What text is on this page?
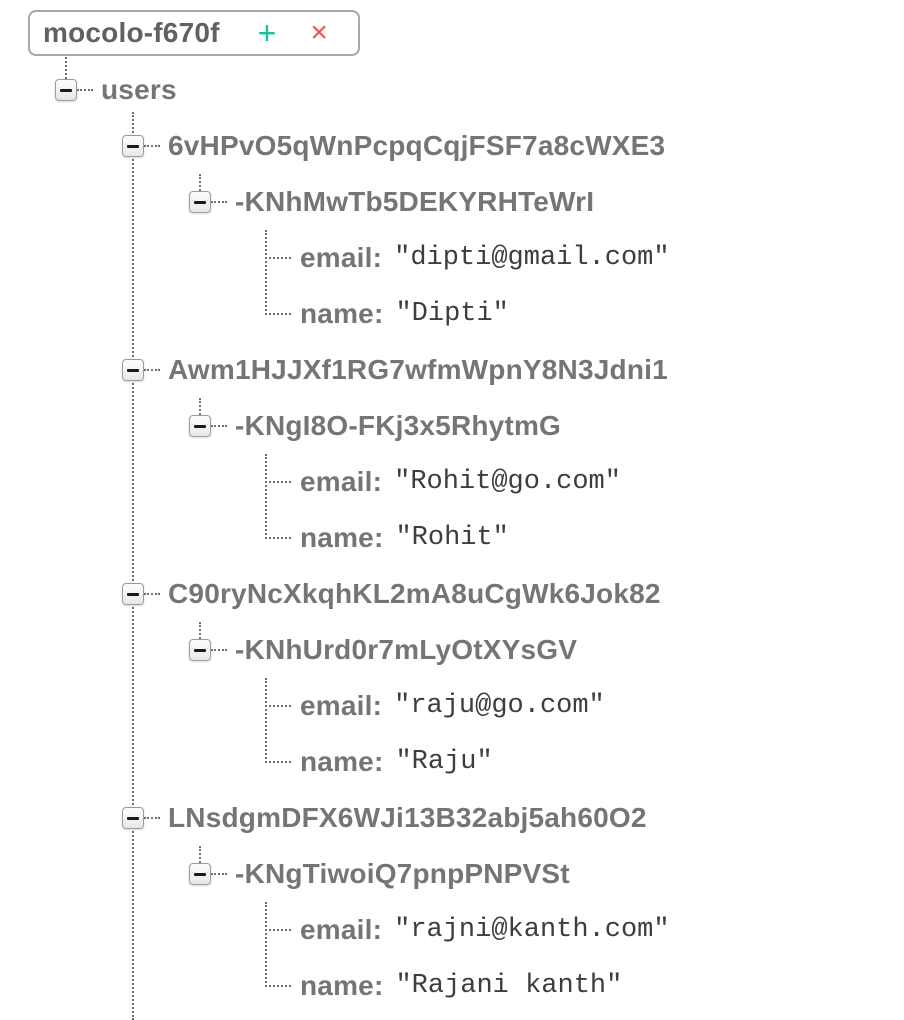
mocolo-f670f + ×
users
6vHPvO5qWnPcpqCqjFSF7a8cWXE3
-KNhMwTb5DEKYRHTeWrI
email: "dipti@gmail.com"
name: "Dipti"
Awm1HJJXf1RG7wfmWpnY8N3Jdni1
-KNgI8O-FKj3x5RhytmG
email: "Rohit@go.com"
name: "Rohit"
C90ryNcXkqhKL2mA8uCgWk6Jok82
-KNhUrd0r7mLyOtXYsGV
email: "raju@go.com"
name: "Raju"
LNsdgmDFX6WJi13B32abj5ah60O2
-KNgTiwoiQ7pnpPNPVSt
email: "rajni@kanth.com"
name: "Rajani kanth"
